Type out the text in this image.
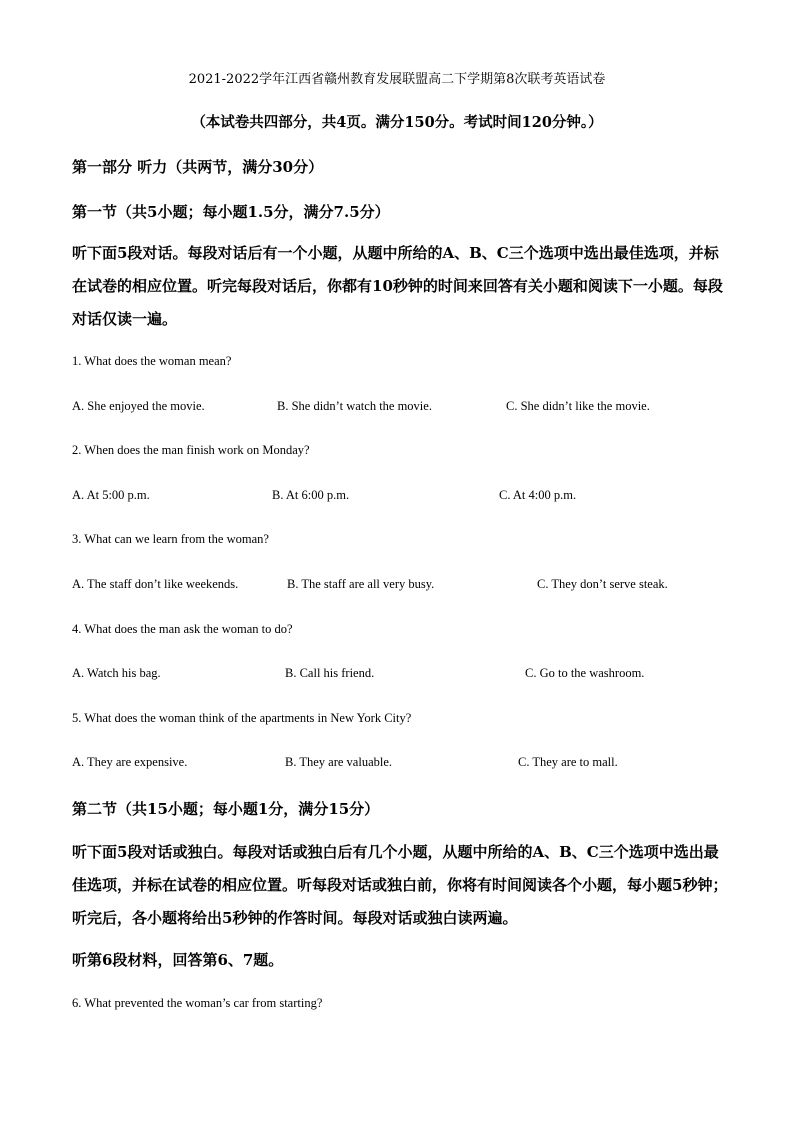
2021-2022学年江西省赣州教育发展联盟高二下学期第8次联考英语试卷
（本试卷共四部分，共4页。满分150分。考试时间120分钟。）
第一部分 听力（共两节，满分30分）
第一节（共5小题；每小题1.5分，满分7.5分）
听下面5段对话。每段对话后有一个小题，从题中所给的A、B、C三个选项中选出最佳选项，并标在试卷的相应位置。听完每段对话后，你都有10秒钟的时间来回答有关小题和阅读下一小题。每段对话仅读一遍。
1. What does the woman mean?
A. She enjoyed the movie.	B. She didn’t watch the movie.	C. She didn’t like the movie.
2. When does the man finish work on Monday?
A. At 5:00 p.m.	B. At 6:00 p.m.	C. At 4:00 p.m.
3. What can we learn from the woman?
A. The staff don’t like weekends.	B. The staff are all very busy.	C. They don’t serve steak.
4. What does the man ask the woman to do?
A. Watch his bag.	B. Call his friend.	C. Go to the washroom.
5. What does the woman think of the apartments in New York City?
A. They are expensive.	B. They are valuable.	C. They are to mall.
第二节（共15小题；每小题1分，满分15分）
听下面5段对话或独白。每段对话或独白后有几个小题，从题中所给的A、B、C三个选项中选出最佳选项，并标在试卷的相应位置。听每段对话或独白前，你将有时间阅读各个小题，每小题5秒钟；听完后，各小题将给出5秒钟的作答时间。每段对话或独白读两遍。
听第6段材料，回答第6、7题。
6. What prevented the woman’s car from starting?
